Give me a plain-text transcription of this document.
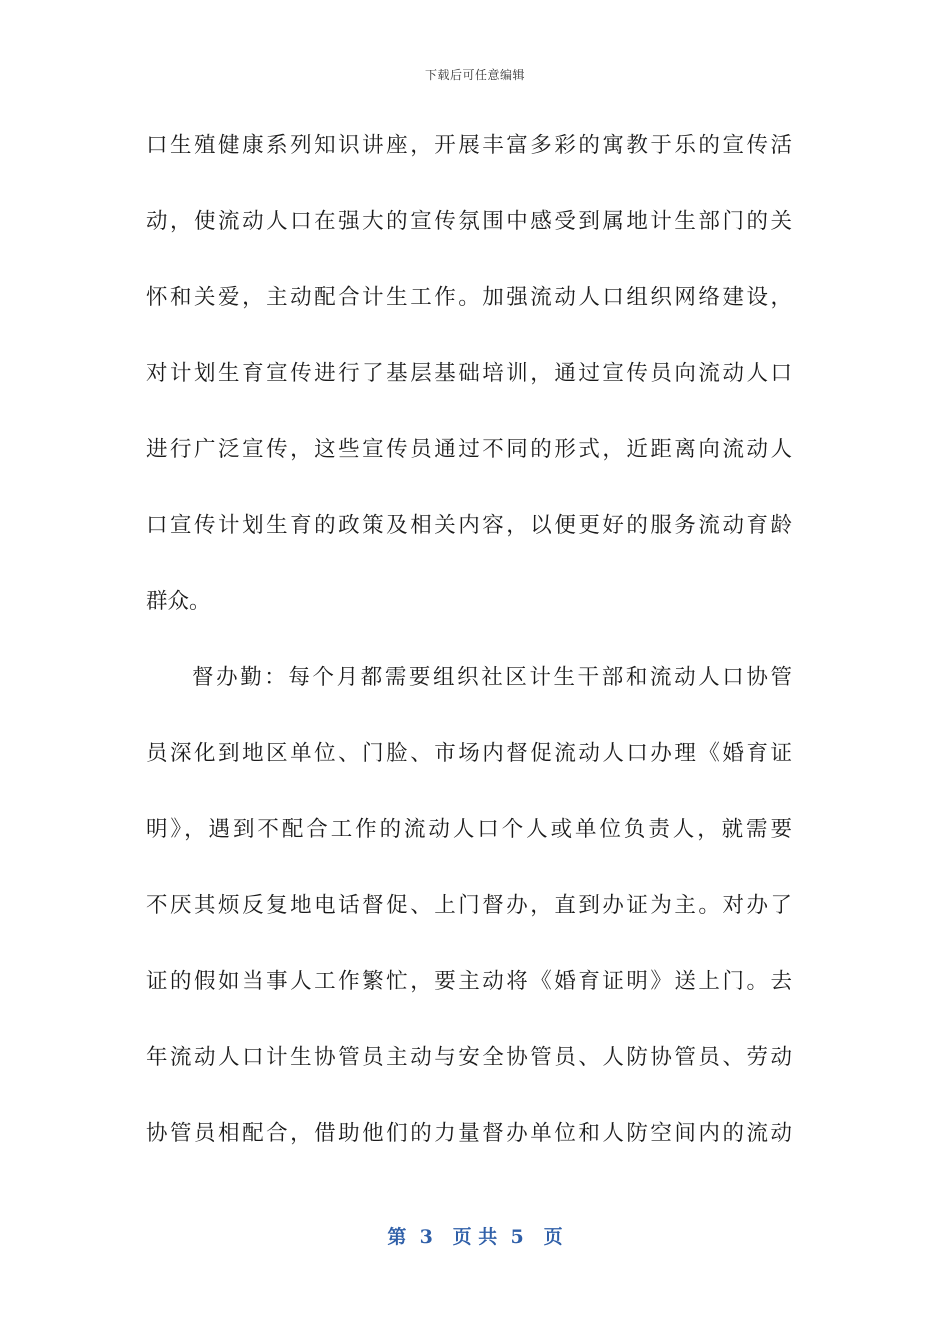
下载后可任意编辑
口生殖健康系列知识讲座，开展丰富多彩的寓教于乐的宣传活
动，使流动人口在强大的宣传氛围中感受到属地计生部门的关
怀和关爱，主动配合计生工作。加强流动人口组织网络建设，
对计划生育宣传进行了基层基础培训，通过宣传员向流动人口
进行广泛宣传，这些宣传员通过不同的形式，近距离向流动人
口宣传计划生育的政策及相关内容，以便更好的服务流动育龄
群众。
督办勤：每个月都需要组织社区计生干部和流动人口协管
员深化到地区单位、门脸、市场内督促流动人口办理《婚育证
明》，遇到不配合工作的流动人口个人或单位负责人，就需要
不厌其烦反复地电话督促、上门督办，直到办证为主。对办了
证的假如当事人工作繁忙，要主动将《婚育证明》送上门。去
年流动人口计生协管员主动与安全协管员、人防协管员、劳动
协管员相配合，借助他们的力量督办单位和人防空间内的流动
第  3   页 共  5   页
